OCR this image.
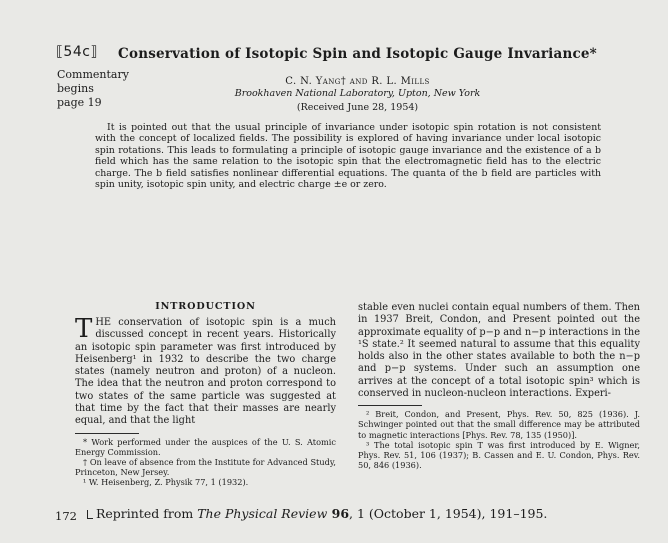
⟦54c⟧
Commentary
begins
page 19
Conservation of Isotopic Spin and Isotopic Gauge Invariance*
C. N. Yang† and R. L. Mills
Brookhaven National Laboratory, Upton, New York
(Received June 28, 1954)
It is pointed out that the usual principle of invariance under isotopic spin rotation is not consistent with the concept of localized fields. The possibility is explored of having invariance under local isotopic spin rotations. This leads to formulating a principle of isotopic gauge invariance and the existence of a b field which has the same relation to the isotopic spin that the electromagnetic field has to the electric charge. The b field satisfies nonlinear differential equations. The quanta of the b field are particles with spin unity, isotopic spin unity, and electric charge ±e or zero.
INTRODUCTION
THE conservation of isotopic spin is a much discussed concept in recent years. Historically an isotopic spin parameter was first introduced by Heisenberg¹ in 1932 to describe the two charge states (namely neutron and proton) of a nucleon. The idea that the neutron and proton correspond to two states of the same particle was suggested at that time by the fact that their masses are nearly equal, and that the light
* Work performed under the auspices of the U. S. Atomic Energy Commission.
† On leave of absence from the Institute for Advanced Study, Princeton, New Jersey.
¹ W. Heisenberg, Z. Physik 77, 1 (1932).
stable even nuclei contain equal numbers of them. Then in 1937 Breit, Condon, and Present pointed out the approximate equality of p−p and n−p interactions in the ¹S state.² It seemed natural to assume that this equality holds also in the other states available to both the n−p and p−p systems. Under such an assumption one arrives at the concept of a total isotopic spin³ which is conserved in nucleon-nucleon interactions. Experi-
² Breit, Condon, and Present, Phys. Rev. 50, 825 (1936). J. Schwinger pointed out that the small difference may be attributed to magnetic interactions [Phys. Rev. 78, 135 (1950)].
³ The total isotopic spin T was first introduced by E. Wigner, Phys. Rev. 51, 106 (1937); B. Cassen and E. U. Condon, Phys. Rev. 50, 846 (1936).
172	Reprinted from The Physical Review 96, 1 (October 1, 1954), 191–195.
